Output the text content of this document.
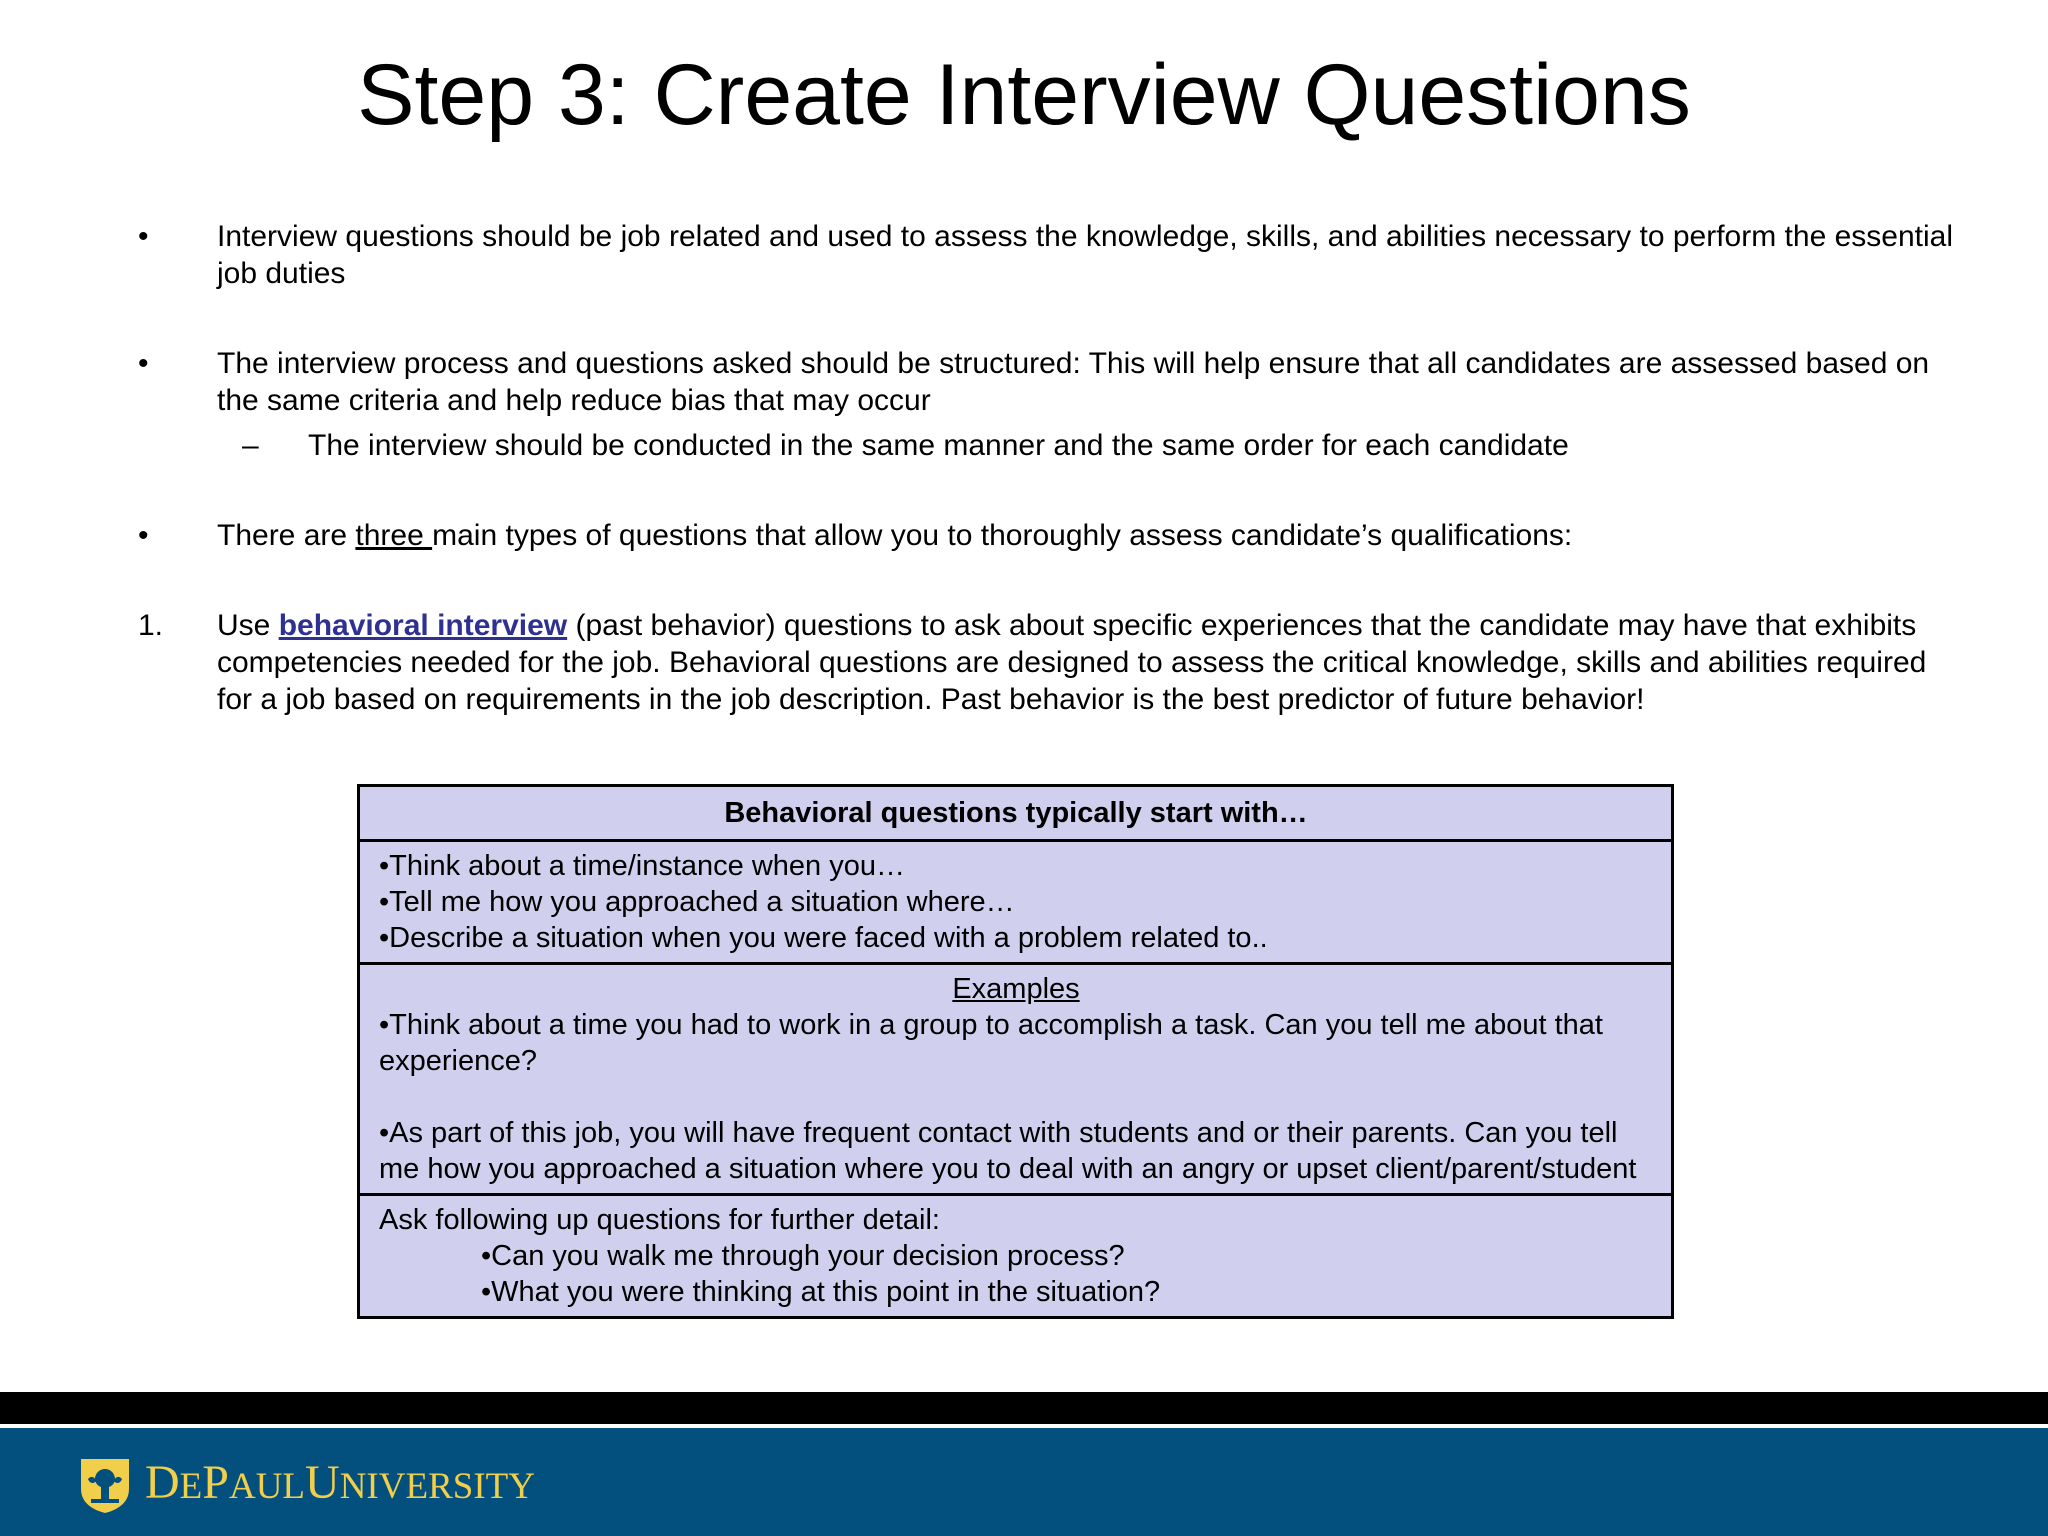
Step 3: Create Interview Questions
•	Interview questions should be job related and used to assess the knowledge, skills, and abilities necessary to perform the essential job duties
•	The interview process and questions asked should be structured: This will help ensure that all candidates are assessed based on the same criteria and help reduce bias that may occur
– The interview should be conducted in the same manner and the same order for each candidate
•	There are three main types of questions that allow you to thoroughly assess candidate’s qualifications:
1.	Use behavioral interview (past behavior) questions to ask about specific experiences that the candidate may have that exhibits competencies needed for the job. Behavioral questions are designed to assess the critical knowledge, skills and abilities required for a job based on requirements in the job description. Past behavior is the best predictor of future behavior!
Behavioral questions typically start with…

•Think about a time/instance when you…
•Tell me how you approached a situation where…
•Describe a situation when you were faced with a problem related to..

Examples
•Think about a time you had to work in a group to accomplish a task. Can you tell me about that experience?
•As part of this job, you will have frequent contact with students and or their parents. Can you tell me how you approached a situation where you to deal with an angry or upset client/parent/student

Ask following up questions for further detail:
•Can you walk me through your decision process?
•What you were thinking at this point in the situation?
DEPAULUNIVERSITY
